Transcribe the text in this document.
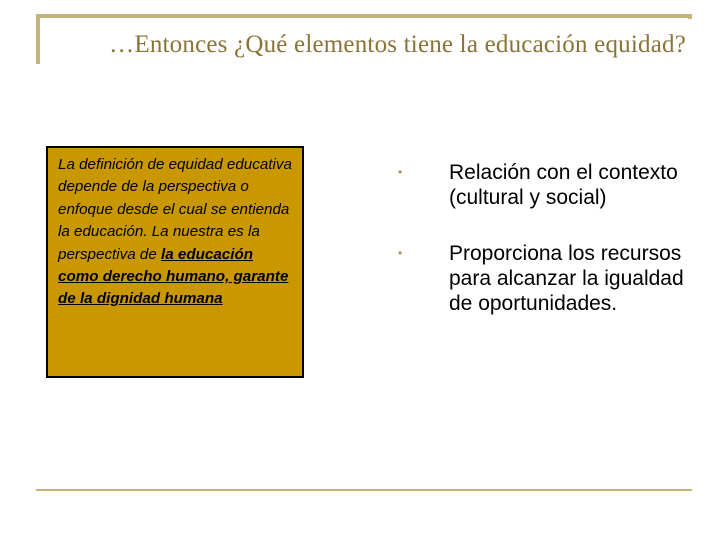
…Entonces ¿Qué elementos tiene la educación equidad?
La definición de equidad educativa depende de la perspectiva o enfoque desde el cual se entienda la educación. La nuestra es la perspectiva de la educación como derecho humano, garante de la dignidad humana
• Relación con el contexto (cultural y social)
• Proporciona los recursos para alcanzar la igualdad de oportunidades.
